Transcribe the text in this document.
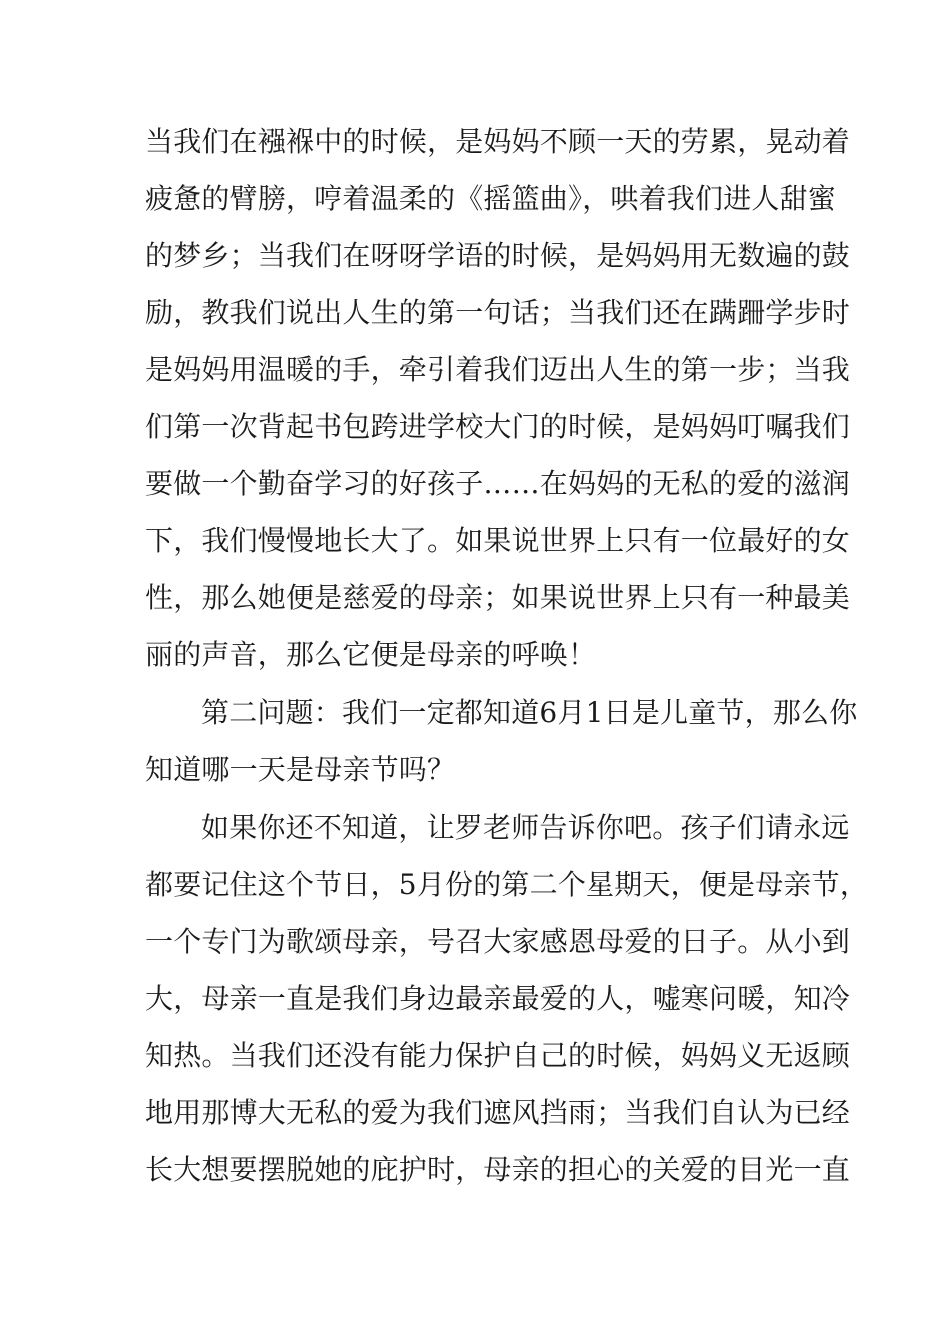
当我们在襁褓中的时候，是妈妈不顾一天的劳累，晃动着

疲惫的臂膀，哼着温柔的《摇篮曲》，哄着我们进人甜蜜

的梦乡；当我们在呀呀学语的时候，是妈妈用无数遍的鼓

励，教我们说出人生的第一句话；当我们还在蹒跚学步时

是妈妈用温暖的手，牵引着我们迈出人生的第一步；当我

们第一次背起书包跨进学校大门的时候，是妈妈叮嘱我们

要做一个勤奋学习的好孩子……在妈妈的无私的爱的滋润

下，我们慢慢地长大了。如果说世界上只有一位最好的女

性，那么她便是慈爱的母亲；如果说世界上只有一种最美

丽的声音，那么它便是母亲的呼唤！

第二问题：我们一定都知道6月1日是儿童节，那么你

知道哪一天是母亲节吗？

如果你还不知道，让罗老师告诉你吧。孩子们请永远

都要记住这个节日，5月份的第二个星期天，便是母亲节，

一个专门为歌颂母亲，号召大家感恩母爱的日子。从小到

大，母亲一直是我们身边最亲最爱的人，嘘寒问暖，知冷

知热。当我们还没有能力保护自己的时候，妈妈义无返顾

地用那博大无私的爱为我们遮风挡雨；当我们自认为已经

长大想要摆脱她的庇护时，母亲的担心的关爱的目光一直
